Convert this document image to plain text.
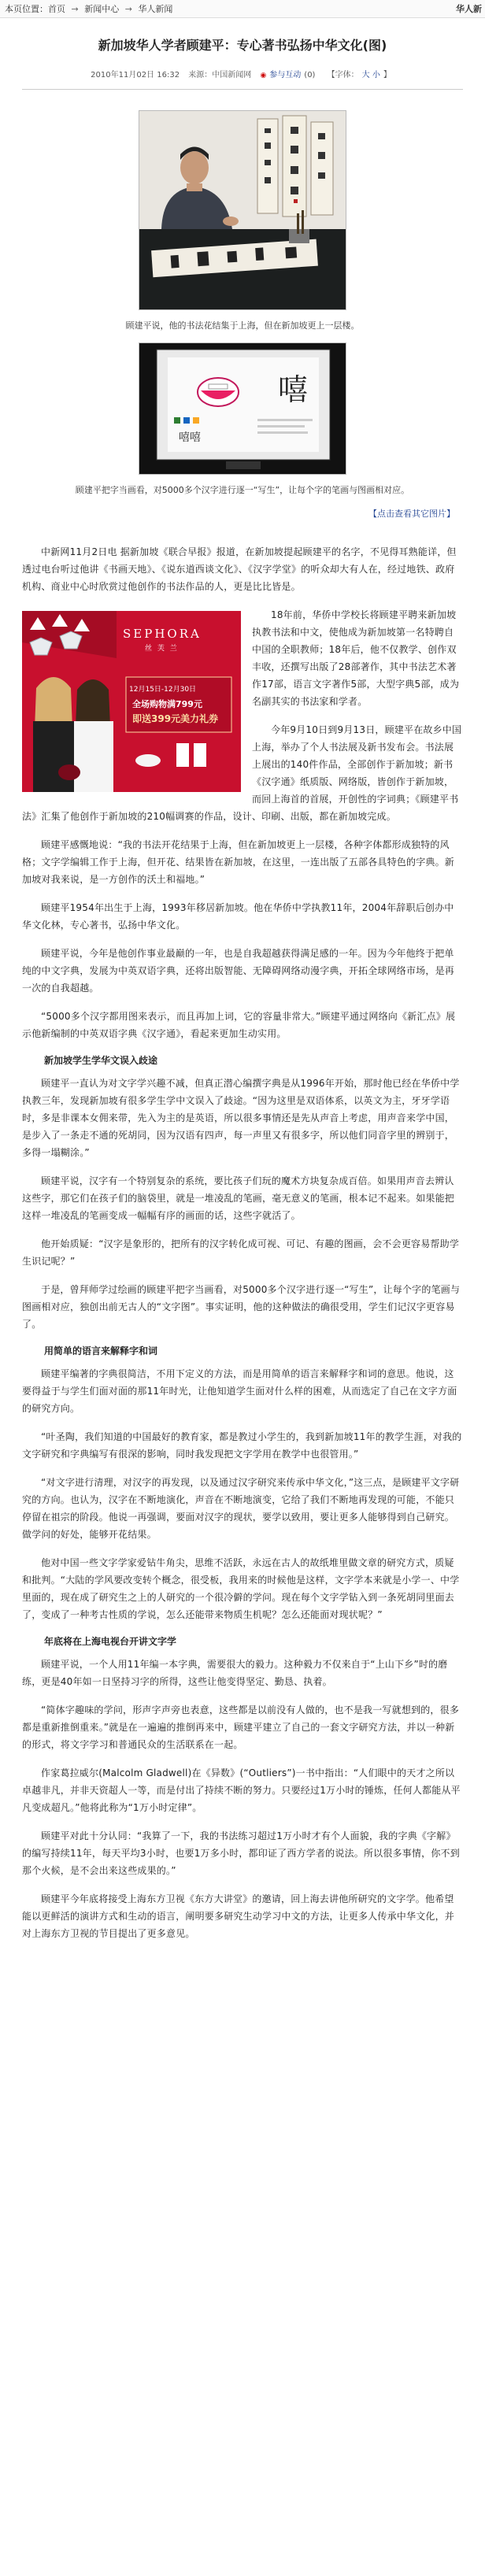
本页位置： 首页 → 新闻中心 → 华人新闻	华人新
新加坡华人学者顾建平：专心著书弘扬中华文化(图)
2010年11月02日 16:32 来源：中国新闻网 ◉ 参与互动 (0) 【字体： 大 小 】
顾建平说，他的书法花结集于上海，但在新加坡更上一层楼。
嘻嘻
嘻
顾建平把字当画看，对5000多个汉字进行逐一“写生”，让每个字的笔画与图画相对应。
【点击查看其它图片】

中新网11月2日电 据新加坡《联合早报》报道，在新加坡提起顾建平的名字，不见得耳熟能详，但透过电台听过他讲《书画天地》、《说东道西谈文化》、《汉字学堂》的听众却大有人在，经过地铁、政府机构、商业中心时欣赏过他创作的书法作品的人，更是比比皆是。

SEPHORA
丝 芙 兰
12月15日-12月30日
全场购物满799元
即送399元美力礼券

18年前，华侨中学校长将顾建平聘来新加坡执教书法和中文，使他成为新加坡第一名特聘自中国的全职教师；18年后，他不仅教学、创作双丰收，还撰写出版了28部著作，其中书法艺术著作17部，语言文字著作5部，大型字典5部，成为名副其实的书法家和学者。

今年9月10日到9月13日，顾建平在故乡中国上海，举办了个人书法展及新书发布会。书法展上展出的140件作品，全部创作于新加坡；新书《汉字通》纸质版、网络版，皆创作于新加坡，而回上海首的首展，开创性的字词典；《顾建平书法》汇集了他创作于新加坡的210幅调赛的作品，设计、印刷、出版，都在新加坡完成。

顾建平感慨地说：“我的书法开花结果于上海，但在新加坡更上一层楼，各种字体都形成独特的风格；文字学编辑工作于上海，但开花、结果皆在新加坡，在这里，一连出版了五部各具特色的字典。新加坡对我来说，是一方创作的沃土和福地。”

顾建平1954年出生于上海，1993年移居新加坡。他在华侨中学执教11年，2004年辞职后创办中华文化林，专心著书，弘扬中华文化。

顾建平说，今年是他创作事业最巅的一年，也是自我超越获得满足感的一年。因为今年他终于把单纯的中文字典，发展为中英双语字典，还将出版智能、无障碍网络动漫字典，开拓全球网络市场，是再一次的自我超越。

“5000多个汉字都用图来表示，而且再加上词，它的容量非常大。”顾建平通过网络向《新汇点》展示他新编制的中英双语字典《汉字通》，看起来更加生动实用。

新加坡学生学华文误入歧途

顾建平一直认为对文字学兴趣不减，但真正潜心编撰字典是从1996年开始，那时他已经在华侨中学执教三年，发现新加坡有很多学生学中文误入了歧途。“因为这里是双语体系，以英文为主，牙牙学语时，多是非课本女佣来带，先入为主的是英语，所以很多事情还是先从声音上考虑，用声音来学中国，是步入了一条走不通的死胡同，因为汉语有四声，每一声里又有很多字，所以他们同音字里的辨别于，多得一塌糊涂。”

顾建平说，汉字有一个特别复杂的系统，要比孩子们玩的魔术方块复杂成百倍。如果用声音去辨认这些字，那它们在孩子们的脑袋里，就是一堆凌乱的笔画，毫无意义的笔画，根本记不起来。如果能把这样一堆凌乱的笔画变成一幅幅有序的画面的话，这些字就活了。

他开始质疑：“汉字是象形的，把所有的汉字转化成可视、可记、有趣的图画，会不会更容易帮助学生识记呢？”

于是，曾拜师学过绘画的顾建平把字当画看，对5000多个汉字进行逐一“写生”，让每个字的笔画与图画相对应，独创出前无古人的“文字图”。事实证明，他的这种做法的确很受用，学生们记汉字更容易了。

用简单的语言来解释字和词

顾建平编著的字典很简洁，不用下定义的方法，而是用简单的语言来解释字和词的意思。他说，这要得益于与学生们面对面的那11年时光，让他知道学生面对什么样的困难，从而选定了自己在文字方面的研究方向。

“叶圣陶，我们知道的中国最好的教育家，都是教过小学生的，我到新加坡11年的教学生涯，对我的文字研究和字典编写有很深的影响，同时我发现把文字学用在教学中也很管用。”

“对文字进行清理，对汉字的再发现，以及通过汉字研究来传承中华文化，”这三点，是顾建平文字研究的方向。也认为，汉字在不断地演化，声音在不断地演变，它给了我们不断地再发现的可能，不能只停留在祖宗的阶段。他说一再强调，要面对汉字的现状，要学以致用，要让更多人能够得到自己研究。做学问的好处，能够开花结果。

他对中国一些文字学家爱钻牛角尖，思维不活跃，永远在古人的故纸堆里做文章的研究方式，质疑和批判。“大陆的学风要改变转个概念，很受板，我用来的时候他是这样，文字学本来就是小学一、中学里面的，现在成了研究生之上的人研究的一个很冷僻的学问。现在每个文字学钻入到一条死胡同里面去了，变成了一种考古性质的学说，怎么还能带来物质生机呢？怎么还能面对现状呢？”

年底将在上海电视台开讲文字学

顾建平说，一个人用11年编一本字典，需要很大的毅力。这种毅力不仅来自于“上山下乡”时的磨练，更是40年如一日坚持习字的所得，这些让他变得坚定、勤恳、执着。

“简体字趣味的学问，形声字声旁也表意，这些都是以前没有人做的，也不是我一写就想到的，很多都是重新推倒重来。”就是在一遍遍的推倒再来中，顾建平建立了自己的一套文字研究方法，并以一种新的形式，将文字学习和普通民众的生活联系在一起。

作家葛拉威尔(Malcolm Gladwell)在《异数》(“Outliers”)一书中指出：“人们眼中的天才之所以卓越非凡，并非天资超人一等，而是付出了持续不断的努力。只要经过1万小时的锤炼，任何人都能从平凡变成超凡。”他将此称为“1万小时定律”。

顾建平对此十分认同：“我算了一下，我的书法练习超过1万小时才有个人面貌，我的字典《字解》的编写持续11年，每天平均3小时，也要1万多小时，都印证了西方学者的说法。所以很多事情，你不到那个火候，是不会出来这些成果的。”

顾建平今年底将接受上海东方卫视《东方大讲堂》的邀请，回上海去讲他所研究的文字学。他希望能以更鲜活的演讲方式和生动的语言，阐明要多研究生动学习中文的方法，让更多人传承中华文化，并对上海东方卫视的节目提出了更多意见。
